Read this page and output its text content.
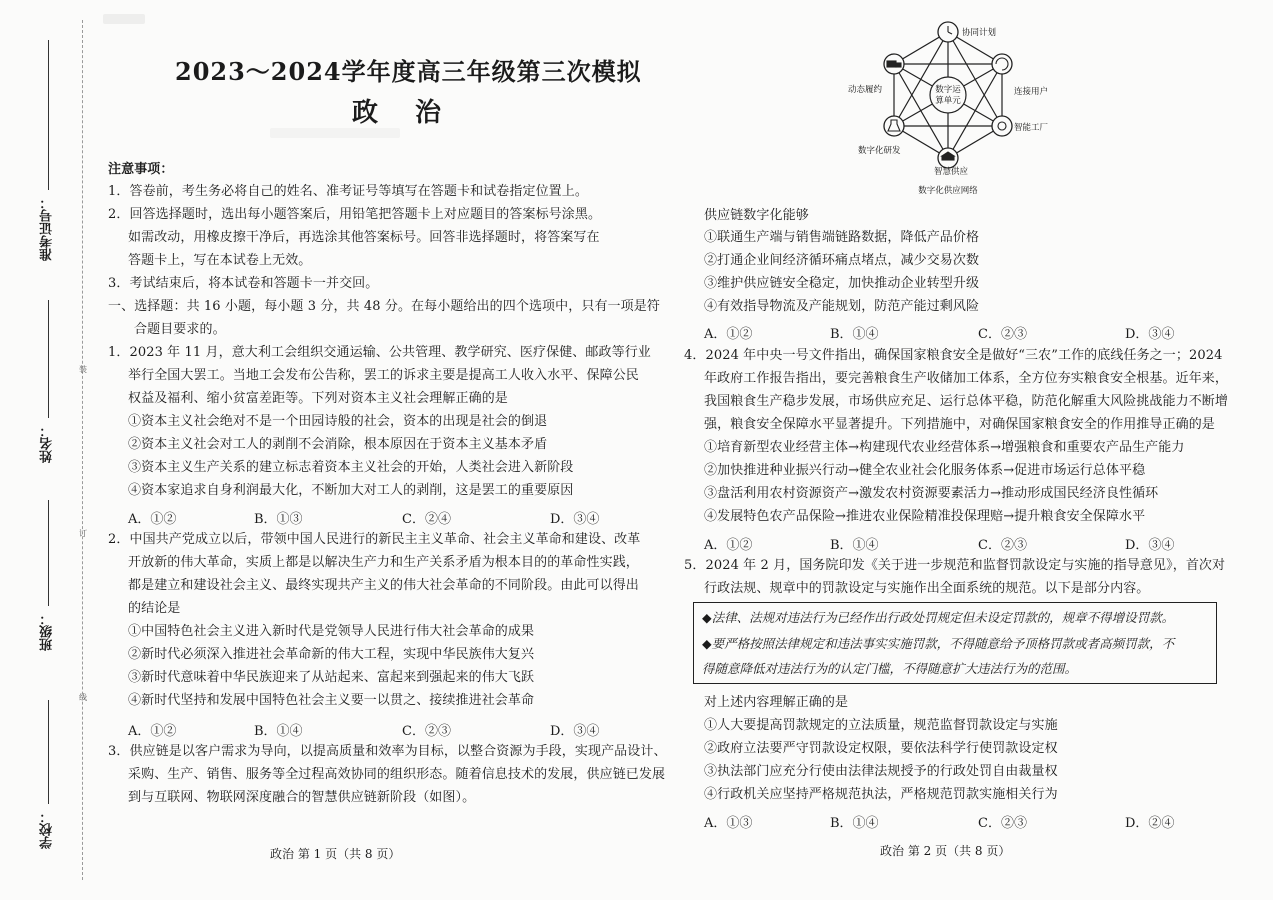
准考证号：
姓名：
班级：
学校：
装
订
线
2023～2024学年度高三年级第三次模拟
政 治
注意事项：
1．答卷前，考生务必将自己的姓名、准考证号等填写在答题卡和试卷指定位置上。
2．回答选择题时，选出每小题答案后，用铅笔把答题卡上对应题目的答案标号涂黑。
如需改动，用橡皮擦干净后，再选涂其他答案标号。回答非选择题时，将答案写在
答题卡上，写在本试卷上无效。
3．考试结束后，将本试卷和答题卡一并交回。
一、选择题：共 16 小题，每小题 3 分，共 48 分。在每小题给出的四个选项中，只有一项是符
合题目要求的。
1．2023 年 11 月，意大利工会组织交通运输、公共管理、教学研究、医疗保健、邮政等行业
举行全国大罢工。当地工会发布公告称，罢工的诉求主要是提高工人收入水平、保障公民
权益及福利、缩小贫富差距等。下列对资本主义社会理解正确的是
①资本主义社会绝对不是一个田园诗般的社会，资本的出现是社会的倒退
②资本主义社会对工人的剥削不会消除，根本原因在于资本主义基本矛盾
③资本主义生产关系的建立标志着资本主义社会的开始，人类社会进入新阶段
④资本家追求自身利润最大化，不断加大对工人的剥削，这是罢工的重要原因
A．①②	B．①③	C．②④	D．③④
2．中国共产党成立以后，带领中国人民进行的新民主主义革命、社会主义革命和建设、改革
开放新的伟大革命，实质上都是以解决生产力和生产关系矛盾为根本目的的革命性实践，
都是建立和建设社会主义、最终实现共产主义的伟大社会革命的不同阶段。由此可以得出
的结论是
①中国特色社会主义进入新时代是党领导人民进行伟大社会革命的成果
②新时代必须深入推进社会革命新的伟大工程，实现中华民族伟大复兴
③新时代意味着中华民族迎来了从站起来、富起来到强起来的伟大飞跃
④新时代坚持和发展中国特色社会主义要一以贯之、接续推进社会革命
A．①②	B．①④	C．②③	D．③④
3．供应链是以客户需求为导向，以提高质量和效率为目标，以整合资源为手段，实现产品设计、
采购、生产、销售、服务等全过程高效协同的组织形态。随着信息技术的发展，供应链已发展
到与互联网、物联网深度融合的智慧供应链新阶段（如图）。
政治 第 1 页（共 8 页）
数字运
算单元
协同计划
连接用户
智能工厂
智慧供应
数字化研发
动态履约
数字化供应网络
供应链数字化能够
①联通生产端与销售端链路数据，降低产品价格
②打通企业间经济循环痛点堵点，减少交易次数
③维护供应链安全稳定，加快推动企业转型升级
④有效指导物流及产能规划，防范产能过剩风险
A．①②	B．①④	C．②③	D．③④
4．2024 年中央一号文件指出，确保国家粮食安全是做好“三农”工作的底线任务之一；2024
年政府工作报告指出，要完善粮食生产收储加工体系，全方位夯实粮食安全根基。近年来，
我国粮食生产稳步发展，市场供应充足、运行总体平稳，防范化解重大风险挑战能力不断增
强，粮食安全保障水平显著提升。下列措施中，对确保国家粮食安全的作用推导正确的是
①培育新型农业经营主体→构建现代农业经营体系→增强粮食和重要农产品生产能力
②加快推进种业振兴行动→健全农业社会化服务体系→促进市场运行总体平稳
③盘活利用农村资源资产→激发农村资源要素活力→推动形成国民经济良性循环
④发展特色农产品保险→推进农业保险精准投保理赔→提升粮食安全保障水平
A．①②	B．①④	C．②③	D．③④
5．2024 年 2 月，国务院印发《关于进一步规范和监督罚款设定与实施的指导意见》，首次对
行政法规、规章中的罚款设定与实施作出全面系统的规范。以下是部分内容。
◆法律、法规对违法行为已经作出行政处罚规定但未设定罚款的，规章不得增设罚款。
◆要严格按照法律规定和违法事实实施罚款，不得随意给予顶格罚款或者高频罚款，不
得随意降低对违法行为的认定门槛，不得随意扩大违法行为的范围。
对上述内容理解正确的是
①人大要提高罚款规定的立法质量，规范监督罚款设定与实施
②政府立法要严守罚款设定权限，要依法科学行使罚款设定权
③执法部门应充分行使由法律法规授予的行政处罚自由裁量权
④行政机关应坚持严格规范执法，严格规范罚款实施相关行为
A．①③	B．①④	C．②③	D．②④
政治 第 2 页（共 8 页）
